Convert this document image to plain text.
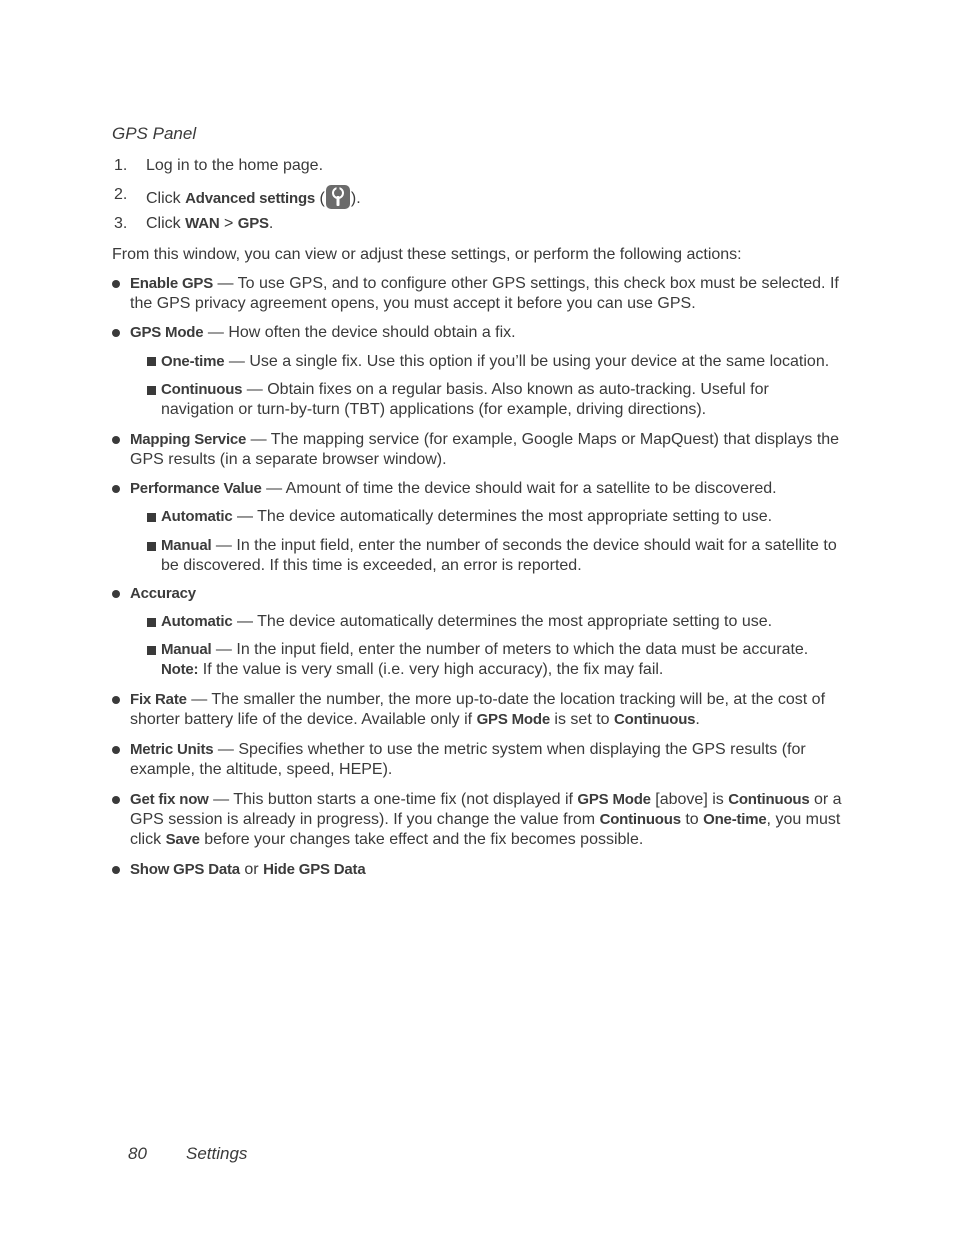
GPS Panel
1.	Log in to the home page.
2.	Click Advanced settings ( ).
3.	Click WAN > GPS.
From this window, you can view or adjust these settings, or perform the following actions:
Enable GPS — To use GPS, and to configure other GPS settings, this check box must be selected. If the GPS privacy agreement opens, you must accept it before you can use GPS.
GPS Mode — How often the device should obtain a fix.
One-time — Use a single fix. Use this option if you’ll be using your device at the same location.
Continuous — Obtain fixes on a regular basis. Also known as auto-tracking. Useful for navigation or turn-by-turn (TBT) applications (for example, driving directions).
Mapping Service — The mapping service (for example, Google Maps or MapQuest) that displays the GPS results (in a separate browser window).
Performance Value — Amount of time the device should wait for a satellite to be discovered.
Automatic — The device automatically determines the most appropriate setting to use.
Manual — In the input field, enter the number of seconds the device should wait for a satellite to be discovered. If this time is exceeded, an error is reported.
Accuracy
Automatic — The device automatically determines the most appropriate setting to use.
Manual — In the input field, enter the number of meters to which the data must be accurate.
Note: If the value is very small (i.e. very high accuracy), the fix may fail.
Fix Rate — The smaller the number, the more up-to-date the location tracking will be, at the cost of shorter battery life of the device. Available only if GPS Mode is set to Continuous.
Metric Units — Specifies whether to use the metric system when displaying the GPS results (for example, the altitude, speed, HEPE).
Get fix now — This button starts a one-time fix (not displayed if GPS Mode [above] is Continuous or a GPS session is already in progress). If you change the value from Continuous to One-time, you must click Save before your changes take effect and the fix becomes possible.
Show GPS Data or Hide GPS Data
80 Settings
